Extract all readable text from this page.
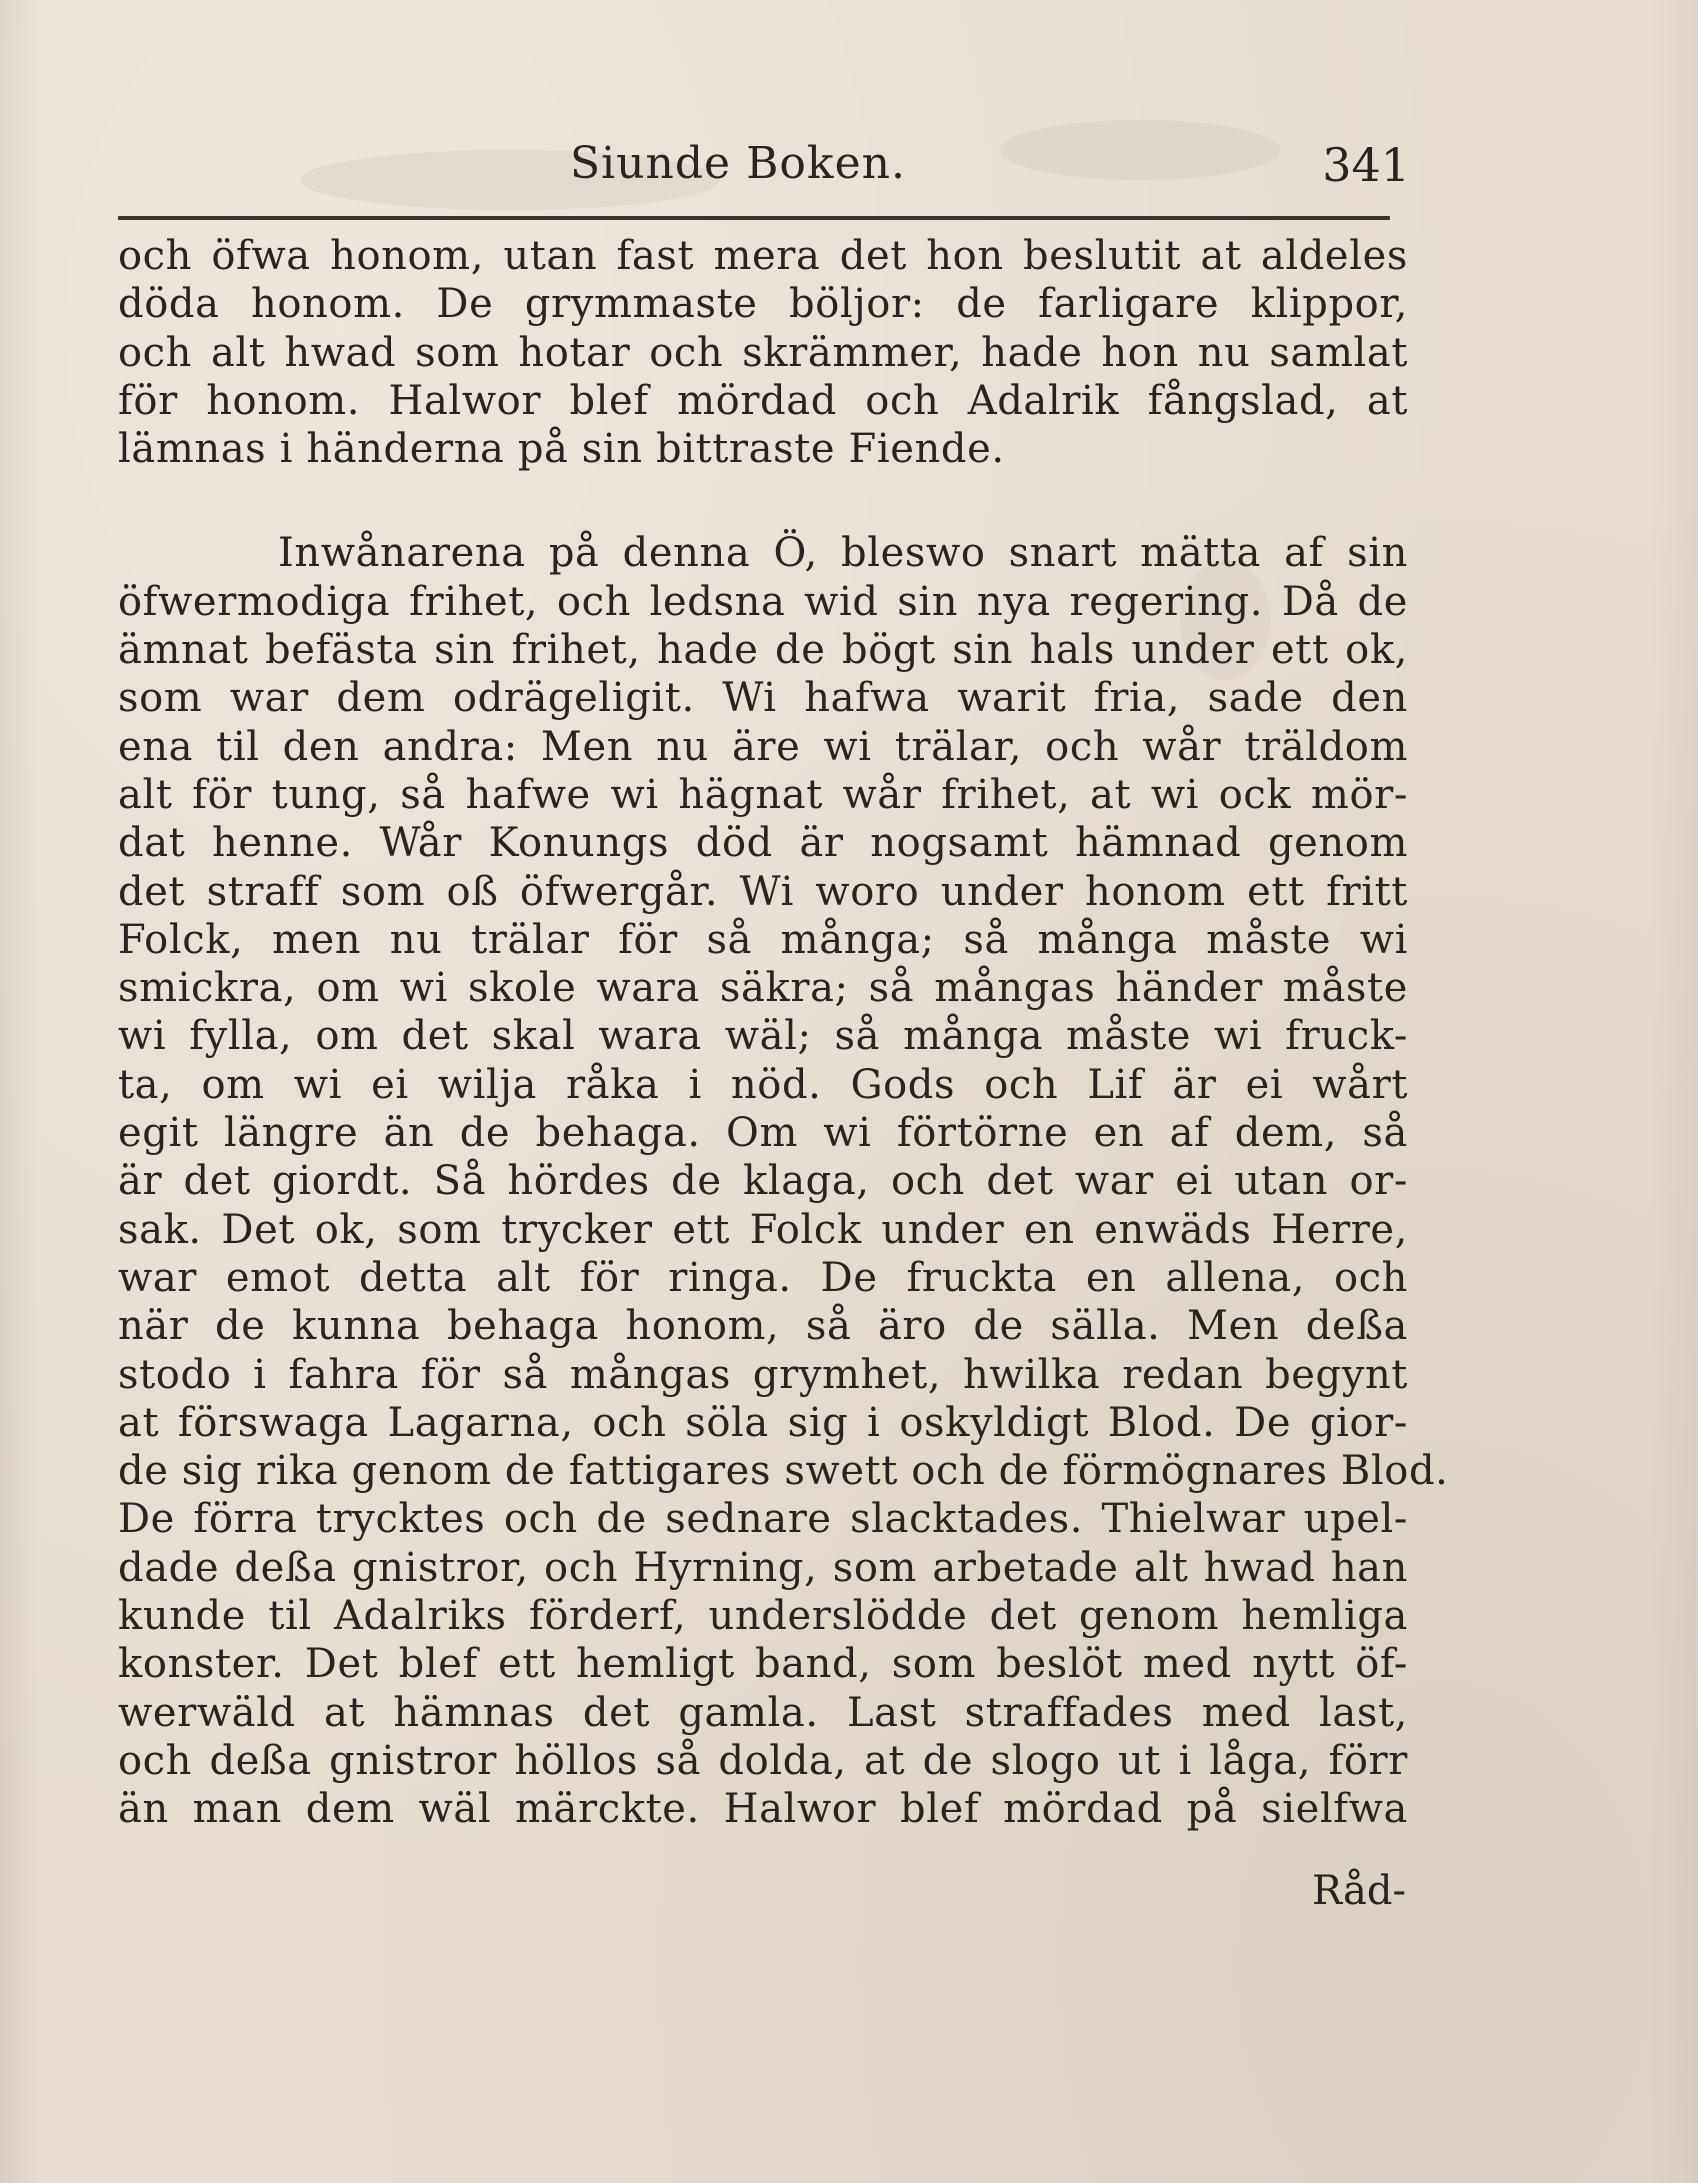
Siunde Boken.	341
och öfwa honom, utan fast mera det hon beslutit at aldeles
döda honom. De grymmaste böljor: de farligare klippor,
och alt hwad som hotar och skrämmer, hade hon nu samlat
för honom. Halwor blef mördad och Adalrik fångslad, at
lämnas i händerna på sin bittraste Fiende.
Inwånarena på denna Ö, bleswo snart mätta af sin
öfwermodiga frihet, och ledsna wid sin nya regering. Då de
ämnat befästa sin frihet, hade de bögt sin hals under ett ok,
som war dem odrägeligit. Wi hafwa warit fria, sade den
ena til den andra: Men nu äre wi trälar, och wår träldom
alt för tung, så hafwe wi hägnat wår frihet, at wi ock mör-
dat henne. Wår Konungs död är nogsamt hämnad genom
det straff som oß öfwergår. Wi woro under honom ett fritt
Folck, men nu trälar för så många; så många måste wi
smickra, om wi skole wara säkra; så mångas händer måste
wi fylla, om det skal wara wäl; så många måste wi fruck-
ta, om wi ei wilja råka i nöd. Gods och Lif är ei wårt
egit längre än de behaga. Om wi förtörne en af dem, så
är det giordt. Så hördes de klaga, och det war ei utan or-
sak. Det ok, som trycker ett Folck under en enwäds Herre,
war emot detta alt för ringa. De fruckta en allena, och
när de kunna behaga honom, så äro de sälla. Men deßa
stodo i fahra för så mångas grymhet, hwilka redan begynt
at förswaga Lagarna, och söla sig i oskyldigt Blod. De gior-
de sig rika genom de fattigares swett och de förmögnares Blod.
De förra trycktes och de sednare slacktades. Thielwar upel-
dade deßa gnistror, och Hyrning, som arbetade alt hwad han
kunde til Adalriks förderf, underslödde det genom hemliga
konster. Det blef ett hemligt band, som beslöt med nytt öf-
werwäld at hämnas det gamla. Last straffades med last,
och deßa gnistror höllos så dolda, at de slogo ut i låga, förr
än man dem wäl märckte. Halwor blef mördad på sielfwa
Råd-
